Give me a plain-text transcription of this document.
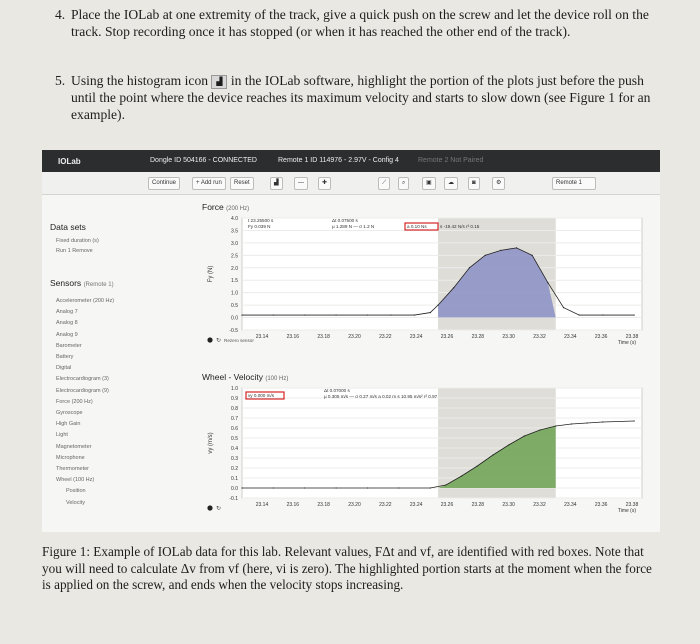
4. Place the IOLab at one extremity of the track, give a quick push on the screw and let the device roll on the track. Stop recording once it has stopped (or when it has reached the other end of the track).
5. Using the histogram icon ▟ in the IOLab software, highlight the portion of the plots just before the push until the point where the device reaches its maximum velocity and starts to slow down (see Figure 1 for an example).
IOLab	Dongle ID 504166 - CONNECTED	Remote 1 ID 114976 - 2.97V - Config 4	Remote 2 Not Paired
Continue	+ Add run	Reset	▟	—	✚	⟋	⌕	▣	☁	◙	⚙	Remote 1
Data sets
Fixed duration (s)
Run 1 Remove
Sensors (Remote 1)
Accelerometer (200 Hz)
Analog 7
Analog 8
Analog 9
Barometer
Battery
Digital
Electrocardiogram (3)
Electrocardiogram (9)
Force (200 Hz)
Gyroscope
High Gain
Light
Magnetometer
Microphone
Thermometer
Wheel (100 Hz)
Position
Velocity
Force (200 Hz)
4.0
3.5
3.0
2.5
2.0
1.5
1.0
0.5
0.0
-0.5
23.14	23.16	23.18	23.20	23.22	23.24	23.26	23.28	23.30	23.32	23.34	23.36	23.38
Time (s)
Fy (N)
t 23.25500 s
Fy 0.039 N
Δt 0.07500 s
μ 1.289 N — σ 1.2 N	s -19.42 N/s r² 0.15
a 0.10 Ns
↻ Rezero sensor
Wheel - Velocity (100 Hz)
1.0
0.9
0.8
0.7
0.6
0.5
0.4
0.3
0.2
0.1
0.0
-0.1
23.14	23.16	23.18	23.20	23.22	23.24	23.26	23.28	23.30	23.32	23.34	23.36	23.38
Time (s)
vy (m/s)
Δt 0.07000 s
μ 0.305 m/s — σ 0.27 m/s a 0.02 m s 10.95 m/s² r² 0.97
vy 0.000 m/s
↻
Figure 1: Example of IOLab data for this lab. Relevant values, FΔt and vf, are identified with red boxes. Note that you will need to calculate Δv from vf (here, vi is zero). The highlighted portion starts at the moment when the force is applied on the screw, and ends when the velocity stops increasing.
